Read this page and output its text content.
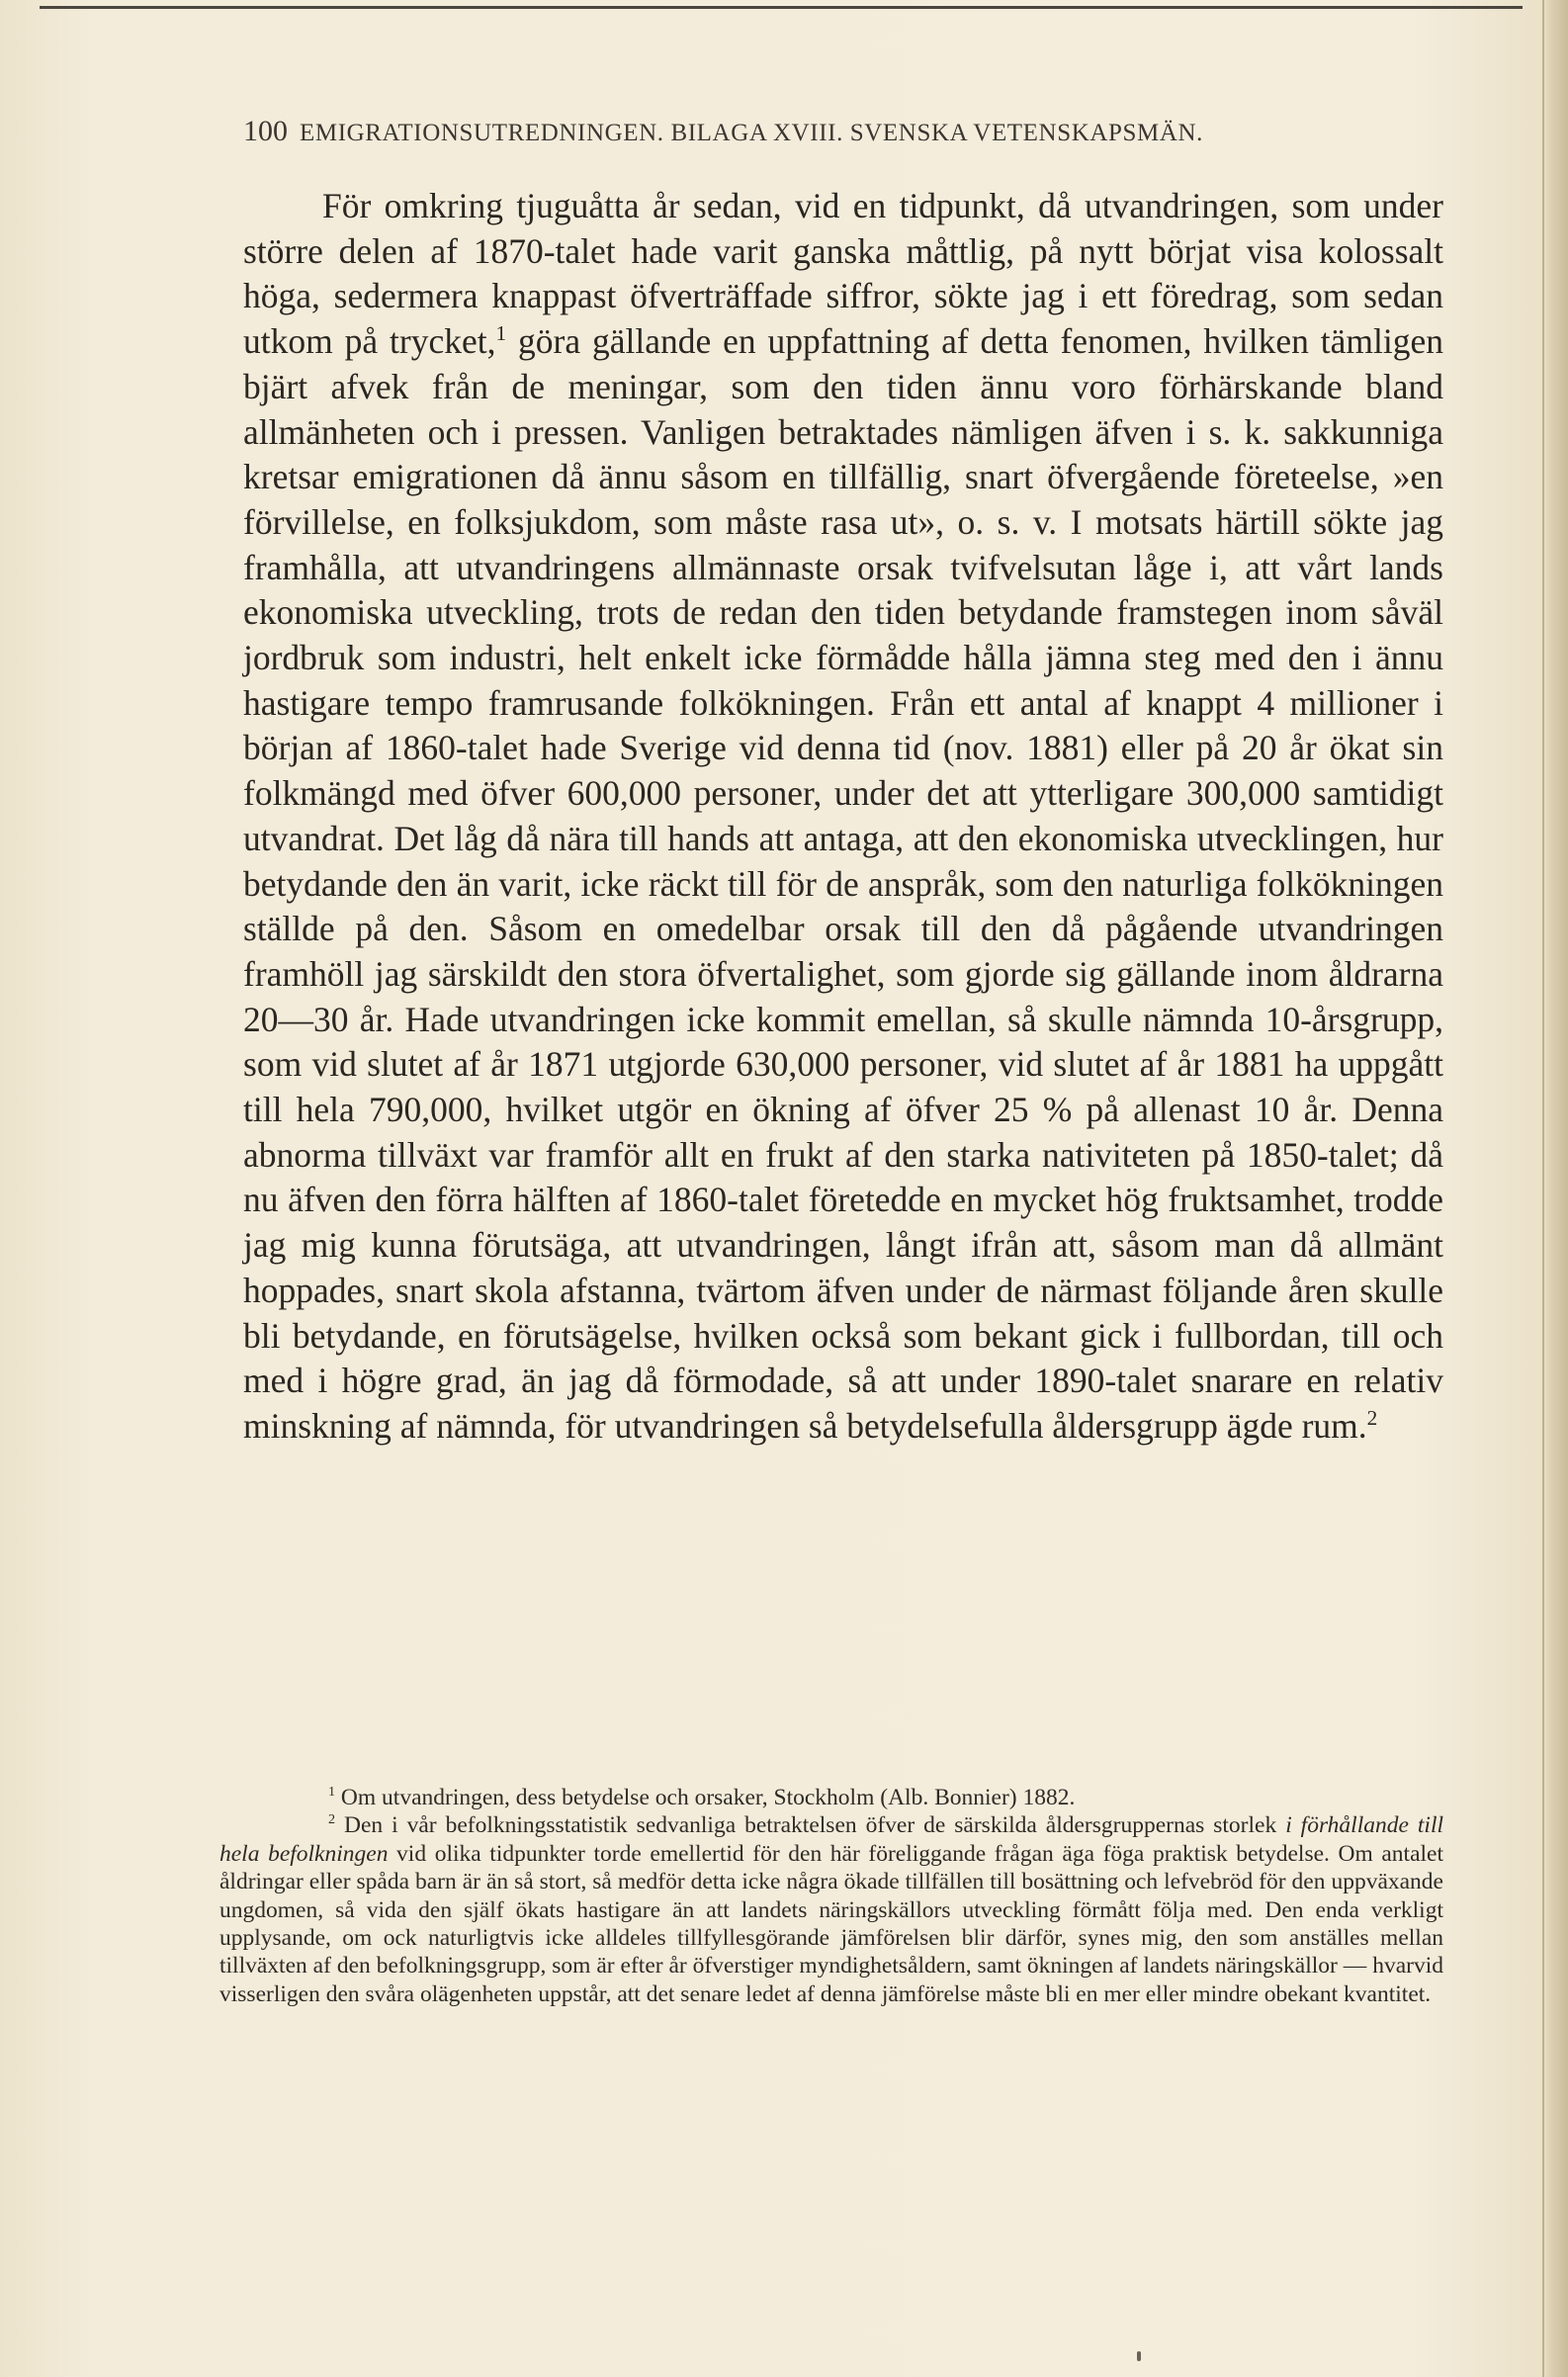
100 EMIGRATIONSUTREDNINGEN. BILAGA XVIII. SVENSKA VETENSKAPSMÄN.

För omkring tjuguåtta år sedan, vid en tidpunkt, då utvandringen, som under större delen af 1870-talet hade varit ganska måttlig, på nytt börjat visa kolossalt höga, sedermera knappast öfverträffade siffror, sökte jag i ett föredrag, som sedan utkom på trycket,$^1$ göra gällande en uppfattning af detta fenomen, hvilken tämligen bjärt afvek från de meningar, som den tiden ännu voro förhärskande bland allmänheten och i pressen. Vanligen betraktades nämligen äfven i s. k. sakkunniga kretsar emigrationen då ännu såsom en tillfällig, snart öfvergående företeelse, »en förvillelse, en folksjukdom, som måste rasa ut», o. s. v. I motsats härtill sökte jag framhålla, att utvandringens allmännaste orsak tvifvelsutan låge i, att vårt lands ekonomiska utveckling, trots de redan den tiden betydande framstegen inom såväl jordbruk som industri, helt enkelt icke förmådde hålla jämna steg med den i ännu hastigare tempo framrusande folkökningen. Från ett antal af knappt 4 millioner i början af 1860-talet hade Sverige vid denna tid (nov. 1881) eller på 20 år ökat sin folkmängd med öfver 600,000 personer, under det att ytterligare 300,000 samtidigt utvandrat. Det låg då nära till hands att antaga, att den ekonomiska utvecklingen, hur betydande den än varit, icke räckt till för de anspråk, som den naturliga folkökningen ställde på den. Såsom en omedelbar orsak till den då pågående utvandringen framhöll jag särskildt den stora öfvertalighet, som gjorde sig gällande inom åldrarna 20—30 år. Hade utvandringen icke kommit emellan, så skulle nämnda 10-årsgrupp, som vid slutet af år 1871 utgjorde 630,000 personer, vid slutet af år 1881 ha uppgått till hela 790,000, hvilket utgör en ökning af öfver 25 % på allenast 10 år. Denna abnorma tillväxt var framför allt en frukt af den starka nativiteten på 1850-talet; då nu äfven den förra hälften af 1860-talet företedde en mycket hög fruktsamhet, trodde jag mig kunna förutsäga, att utvandringen, långt ifrån att, såsom man då allmänt hoppades, snart skola afstanna, tvärtom äfven under de närmast följande åren skulle bli betydande, en förutsägelse, hvilken också som bekant gick i fullbordan, till och med i högre grad, än jag då förmodade, så att under 1890-talet snarare en relativ minskning af nämnda, för utvandringen så betydelsefulla åldersgrupp ägde rum.$^2$

$^1$ Om utvandringen, dess betydelse och orsaker, Stockholm (Alb. Bonnier) 1882.

$^2$ Den i vår befolkningsstatistik sedvanliga betraktelsen öfver de särskilda åldersgruppernas storlek i förhållande till hela befolkningen vid olika tidpunkter torde emellertid för den här föreliggande frågan äga föga praktisk betydelse. Om antalet åldringar eller spåda barn är än så stort, så medför detta icke några ökade tillfällen till bosättning och lefvebröd för den uppväxande ungdomen, så vida den själf ökats hastigare än att landets näringskällors utveckling förmått följa med. Den enda verkligt upplysande, om ock naturligtvis icke alldeles tillfyllesgörande jämförelsen blir därför, synes mig, den som anställes mellan tillväxten af den befolkningsgrupp, som är efter år öfverstiger myndighetsåldern, samt ökningen af landets näringskällor — hvarvid visserligen den svåra olägenheten uppstår, att det senare ledet af denna jämförelse måste bli en mer eller mindre obekant kvantitet.
